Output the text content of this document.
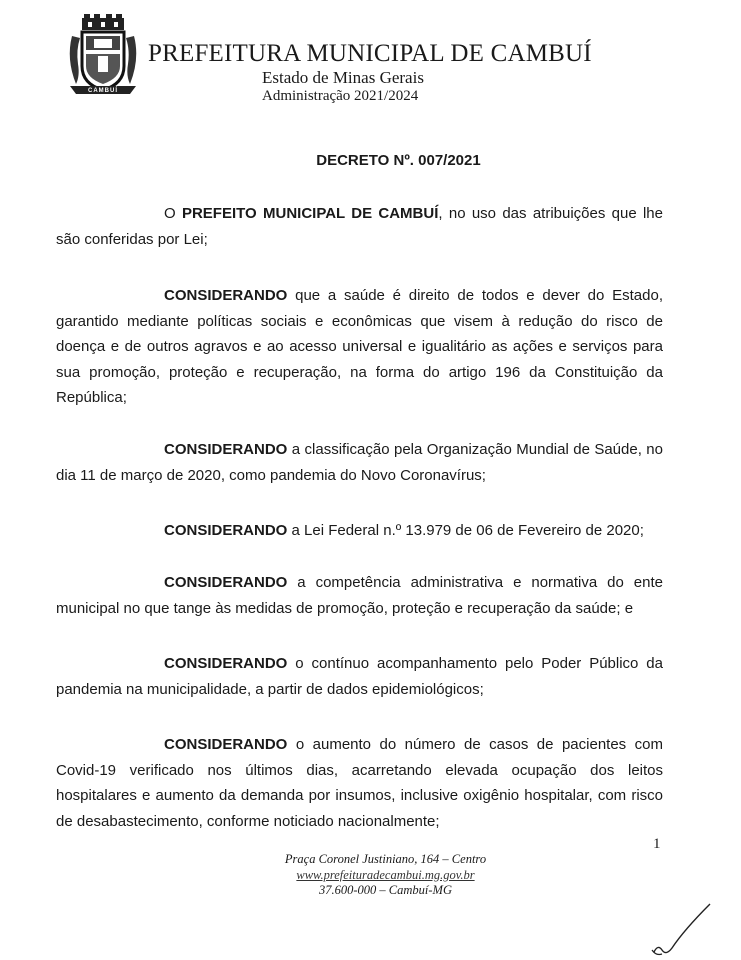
CAMBUÍ
PREFEITURA MUNICIPAL DE CAMBUÍ
Estado de Minas Gerais
Administração 2021/2024
DECRETO Nº. 007/2021
O PREFEITO MUNICIPAL DE CAMBUÍ, no uso das atribuições que lhe são conferidas por Lei;
CONSIDERANDO que a saúde é direito de todos e dever do Estado, garantido mediante políticas sociais e econômicas que visem à redução do risco de doença e de outros agravos e ao acesso universal e igualitário as ações e serviços para sua promoção, proteção e recuperação, na forma do artigo 196 da Constituição da República;
CONSIDERANDO a classificação pela Organização Mundial de Saúde, no dia 11 de março de 2020, como pandemia do Novo Coronavírus;
CONSIDERANDO a Lei Federal n.º 13.979 de 06 de Fevereiro de 2020;
CONSIDERANDO a competência administrativa e normativa do ente municipal no que tange às medidas de promoção, proteção e recuperação da saúde; e
CONSIDERANDO o contínuo acompanhamento pelo Poder Público da pandemia na municipalidade, a partir de dados epidemiológicos;
CONSIDERANDO o aumento do número de casos de pacientes com Covid-19 verificado nos últimos dias, acarretando elevada ocupação dos leitos hospitalares e aumento da demanda por insumos, inclusive oxigênio hospitalar, com risco de desabastecimento, conforme noticiado nacionalmente;
1
Praça Coronel Justiniano, 164 – Centro
www.prefeituradecambui.mg.gov.br
37.600-000 – Cambuí-MG
